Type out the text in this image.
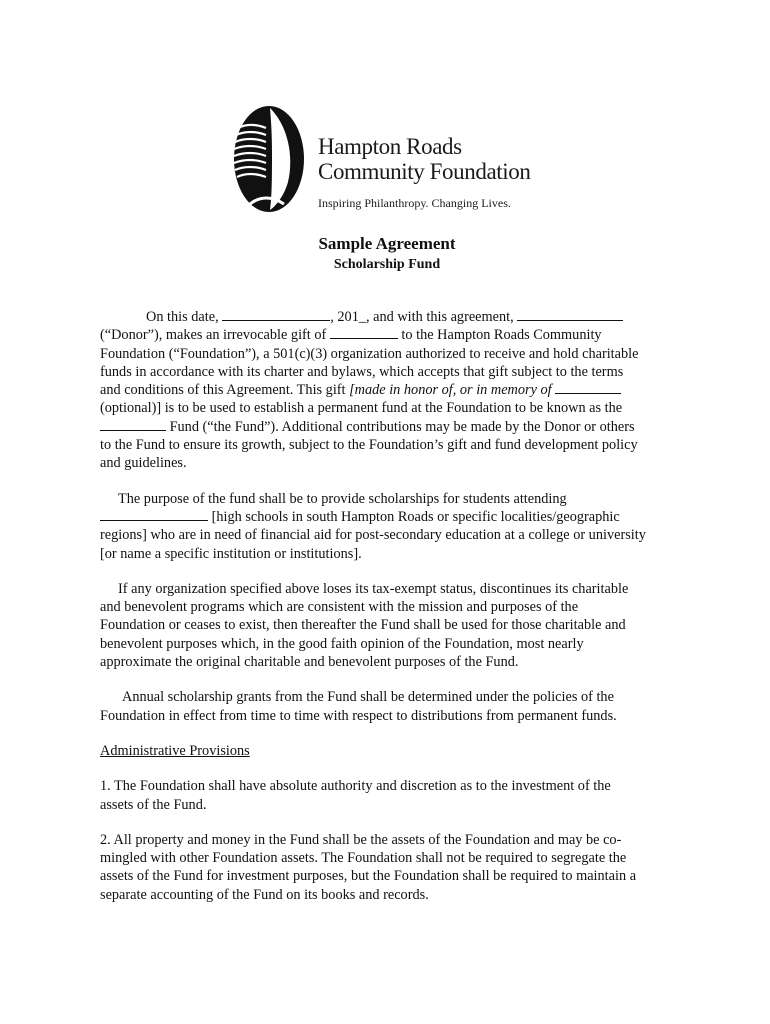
Hampton Roads
Community Foundation
Inspiring Philanthropy. Changing Lives.
Sample Agreement
Scholarship Fund

On this date,	, 201_, and with this agreement,  (“Donor”), makes an irrevocable gift of	to the Hampton Roads Community Foundation (“Foundation”), a 501(c)(3) organization authorized to receive and hold charitable funds in accordance with its charter and bylaws, which accepts that gift subject to the terms and conditions of this Agreement. This gift [made in honor of, or in memory of  (optional)] is to be used to establish a permanent fund at the Foundation to be known as the  Fund (“the Fund”). Additional contributions may be made by the Donor or others to the Fund to ensure its growth, subject to the Foundation’s gift and fund development policy and guidelines.

The purpose of the fund shall be to provide scholarships for students attending  [high schools in south Hampton Roads or specific localities/geographic regions] who are in need of financial aid for post-secondary education at a college or university [or name a specific institution or institutions].

If any organization specified above loses its tax-exempt status, discontinues its charitable and benevolent programs which are consistent with the mission and purposes of the Foundation or ceases to exist, then thereafter the Fund shall be used for those charitable and benevolent purposes which, in the good faith opinion of the Foundation, most nearly approximate the original charitable and benevolent purposes of the Fund.

Annual scholarship grants from the Fund shall be determined under the policies of the Foundation in effect from time to time with respect to distributions from permanent funds.

Administrative Provisions

1. The Foundation shall have absolute authority and discretion as to the investment of the assets of the Fund.

2. All property and money in the Fund shall be the assets of the Foundation and may be co-mingled with other Foundation assets. The Foundation shall not be required to segregate the assets of the Fund for investment purposes, but the Foundation shall be required to maintain a separate accounting of the Fund on its books and records.
